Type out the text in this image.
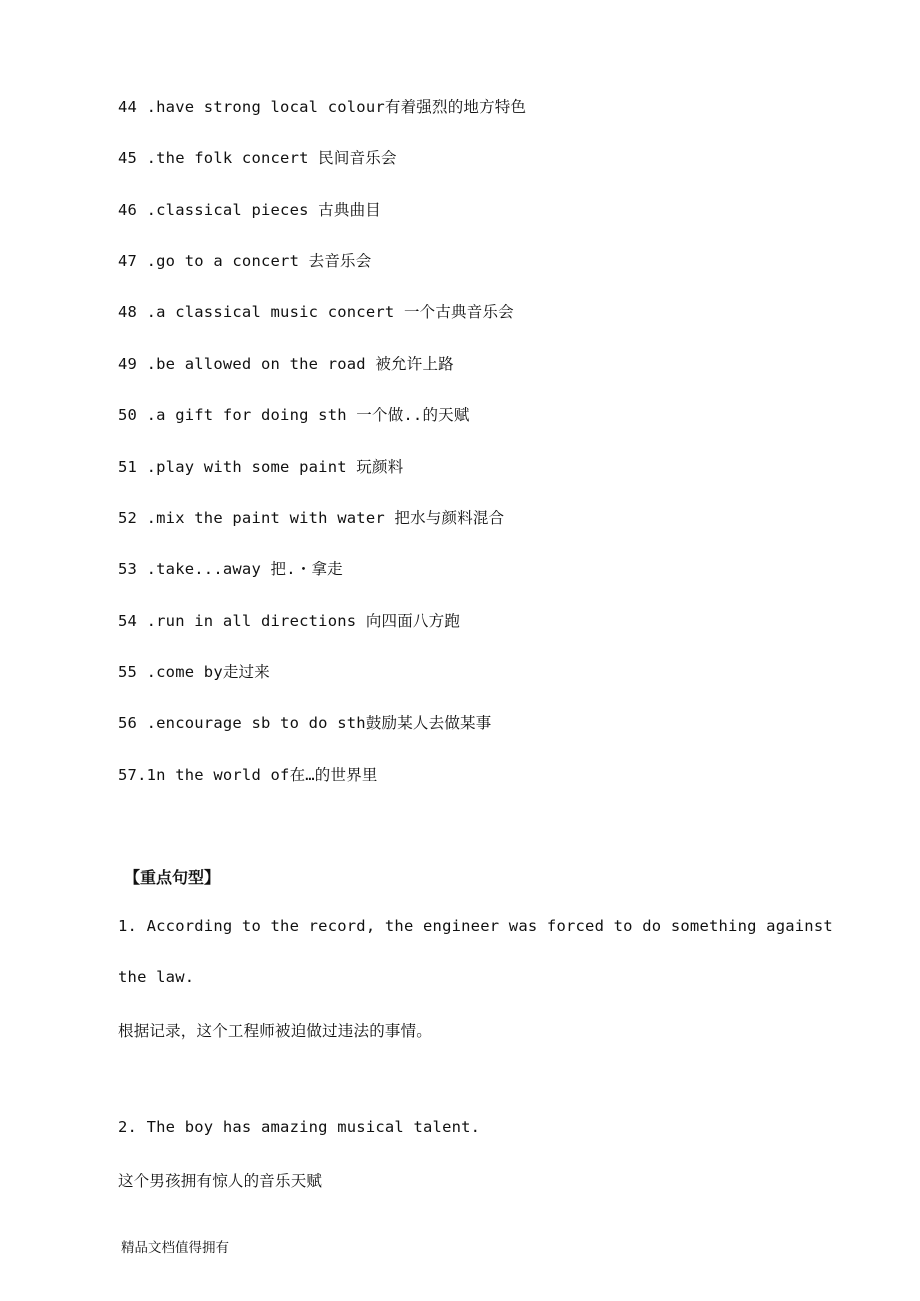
44 .have strong local colour有着强烈的地方特色
45 .the folk concert 民间音乐会
46 .classical pieces 古典曲目
47 .go to a concert 去音乐会
48 .a classical music concert 一个古典音乐会
49 .be allowed on the road 被允许上路
50 .a gift for doing sth 一个做..的天赋
51 .play with some paint 玩颜料
52 .mix the paint with water 把水与颜料混合
53 .take...away 把.・拿走
54 .run in all directions 向四面八方跑
55 .come by走过来
56 .encourage sb to do sth鼓励某人去做某事
57.1n the world of在…的世界里
【重点句型】
1. According to the record, the engineer was forced to do something against
the law.
根据记录，这个工程师被迫做过违法的事情。
2. The boy has amazing musical talent.
这个男孩拥有惊人的音乐天赋
精品文档值得拥有
